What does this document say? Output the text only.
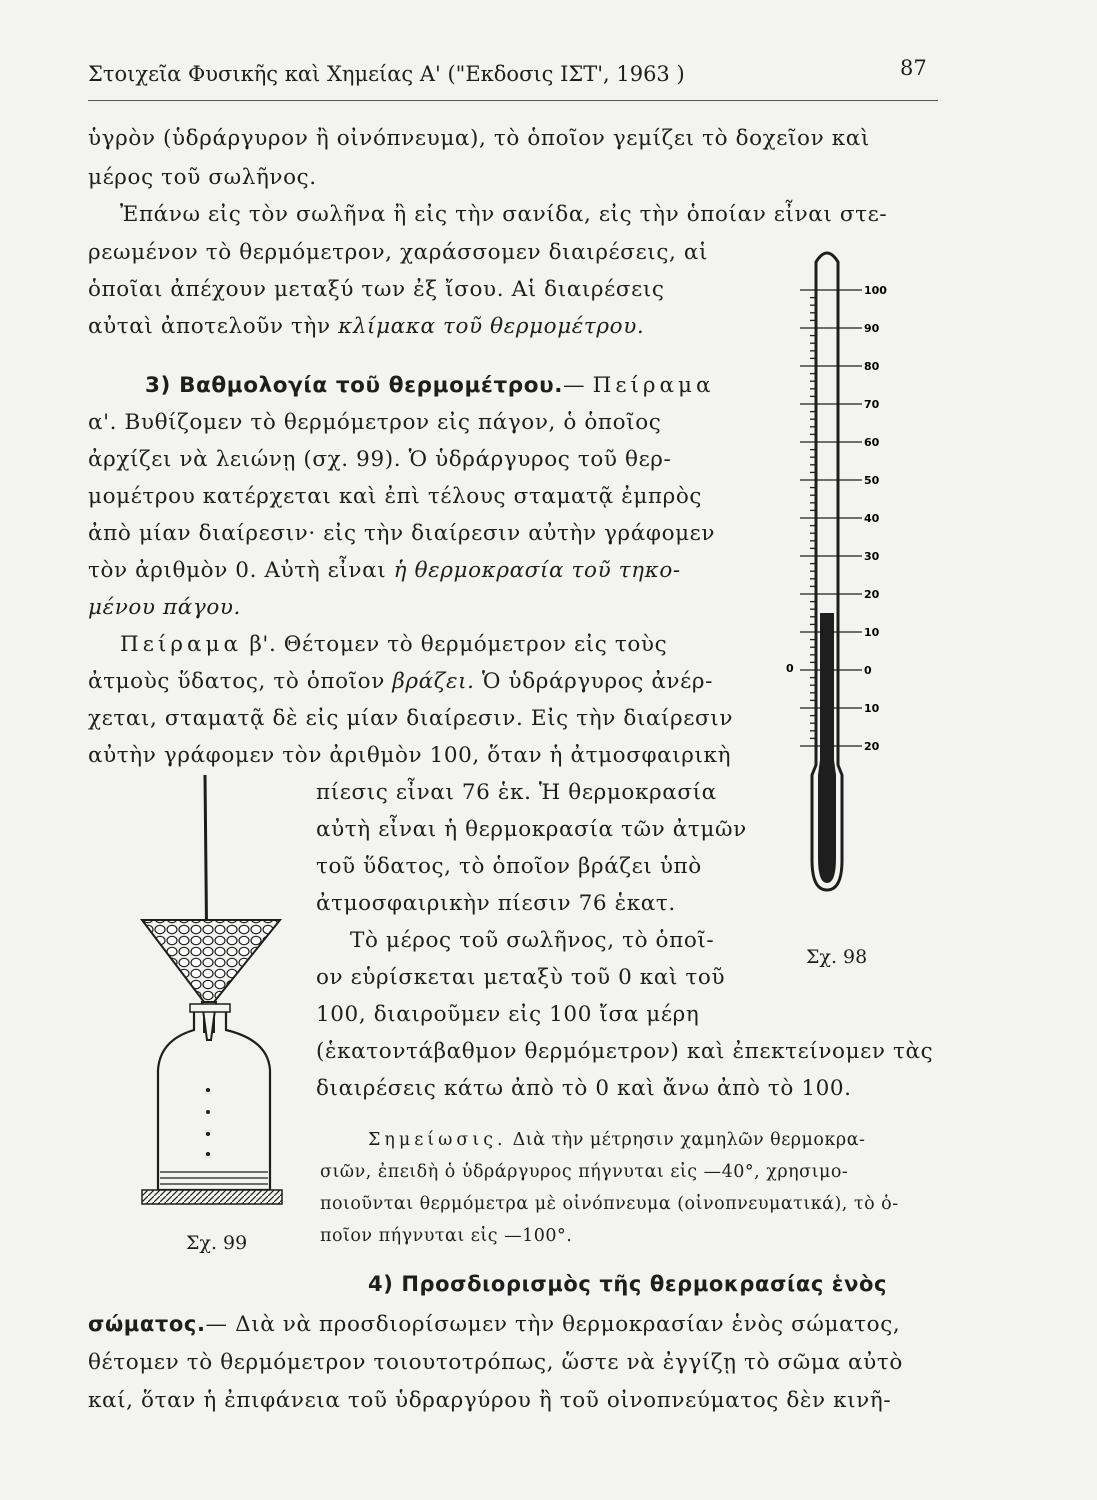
Στοιχεῖα Φυσικῆς καὶ Χημείας Α' ("Εκδοσις ΙΣΤ', 1963 )	87
ὑγρὸν (ὑδράργυρον ἢ οἰνόπνευμα), τὸ ὁποῖον γεμίζει τὸ δοχεῖον καὶ
μέρος τοῦ σωλῆνος.
Ἐπάνω εἰς τὸν σωλῆνα ἢ εἰς τὴν σανίδα, εἰς τὴν ὁποίαν εἶναι στε-
ρεωμένον τὸ θερμόμετρον, χαράσσομεν διαιρέσεις, αἱ
ὁποῖαι ἀπέχουν μεταξύ των ἐξ ἴσου. Αἱ διαιρέσεις
αὐταὶ ἀποτελοῦν τὴν κλίμακα τοῦ θερμομέτρου.
3) Βαθμολογία τοῦ θερμομέτρου.— Πείραμα
α'. Βυθίζομεν τὸ θερμόμετρον εἰς πάγον, ὁ ὁποῖος
ἀρχίζει νὰ λειώνῃ (σχ. 99). Ὁ ὑδράργυρος τοῦ θερ-
μομέτρου κατέρχεται καὶ ἐπὶ τέλους σταματᾷ ἐμπρὸς
ἀπὸ μίαν διαίρεσιν· εἰς τὴν διαίρεσιν αὐτὴν γράφομεν
τὸν ἀριθμὸν 0. Αὐτὴ εἶναι ἡ θερμοκρασία τοῦ τηκο-
μένου πάγου.
Πείραμα β'. Θέτομεν τὸ θερμόμετρον εἰς τοὺς
ἀτμοὺς ὕδατος, τὸ ὁποῖον βράζει. Ὁ ὑδράργυρος ἀνέρ-
χεται, σταματᾷ δὲ εἰς μίαν διαίρεσιν. Εἰς τὴν διαίρεσιν
αὐτὴν γράφομεν τὸν ἀριθμὸν 100, ὅταν ἡ ἀτμοσφαιρικὴ
πίεσις εἶναι 76 ἑκ. Ἡ θερμοκρασία
αὐτὴ εἶναι ἡ θερμοκρασία τῶν ἀτμῶν
τοῦ ὕδατος, τὸ ὁποῖον βράζει ὑπὸ
ἀτμοσφαιρικὴν πίεσιν 76 ἑκατ.
Τὸ μέρος τοῦ σωλῆνος, τὸ ὁποῖ-
ον εὑρίσκεται μεταξὺ τοῦ 0 καὶ τοῦ
100, διαιροῦμεν εἰς 100 ἴσα μέρη
(ἑκατοντάβαθμον θερμόμετρον) καὶ ἐπεκτείνομεν τὰς
διαιρέσεις κάτω ἀπὸ τὸ 0 καὶ ἄνω ἀπὸ τὸ 100.
Σημείωσις. Διὰ τὴν μέτρησιν χαμηλῶν θερμοκρα-
σιῶν, ἐπειδὴ ὁ ὑδράργυρος πήγνυται εἰς —40°, χρησιμο-
ποιοῦνται θερμόμετρα μὲ οἰνόπνευμα (οἰνοπνευματικά), τὸ ὁ-
ποῖον πήγνυται εἰς —100°.
4) Προσδιορισμὸς τῆς θερμοκρασίας ἑνὸς
σώματος.— Διὰ νὰ προσδιορίσωμεν τὴν θερμοκρασίαν ἑνὸς σώματος,
θέτομεν τὸ θερμόμετρον τοιουτοτρόπως, ὥστε νὰ ἐγγίζῃ τὸ σῶμα αὐτὸ
καί, ὅταν ἡ ἐπιφάνεια τοῦ ὑδραργύρου ἢ τοῦ οἰνοπνεύματος δὲν κινῆ-
100
90
80
70
60
50
40
30
20
10
0
10
20
0
Σχ. 98
Σχ. 99
